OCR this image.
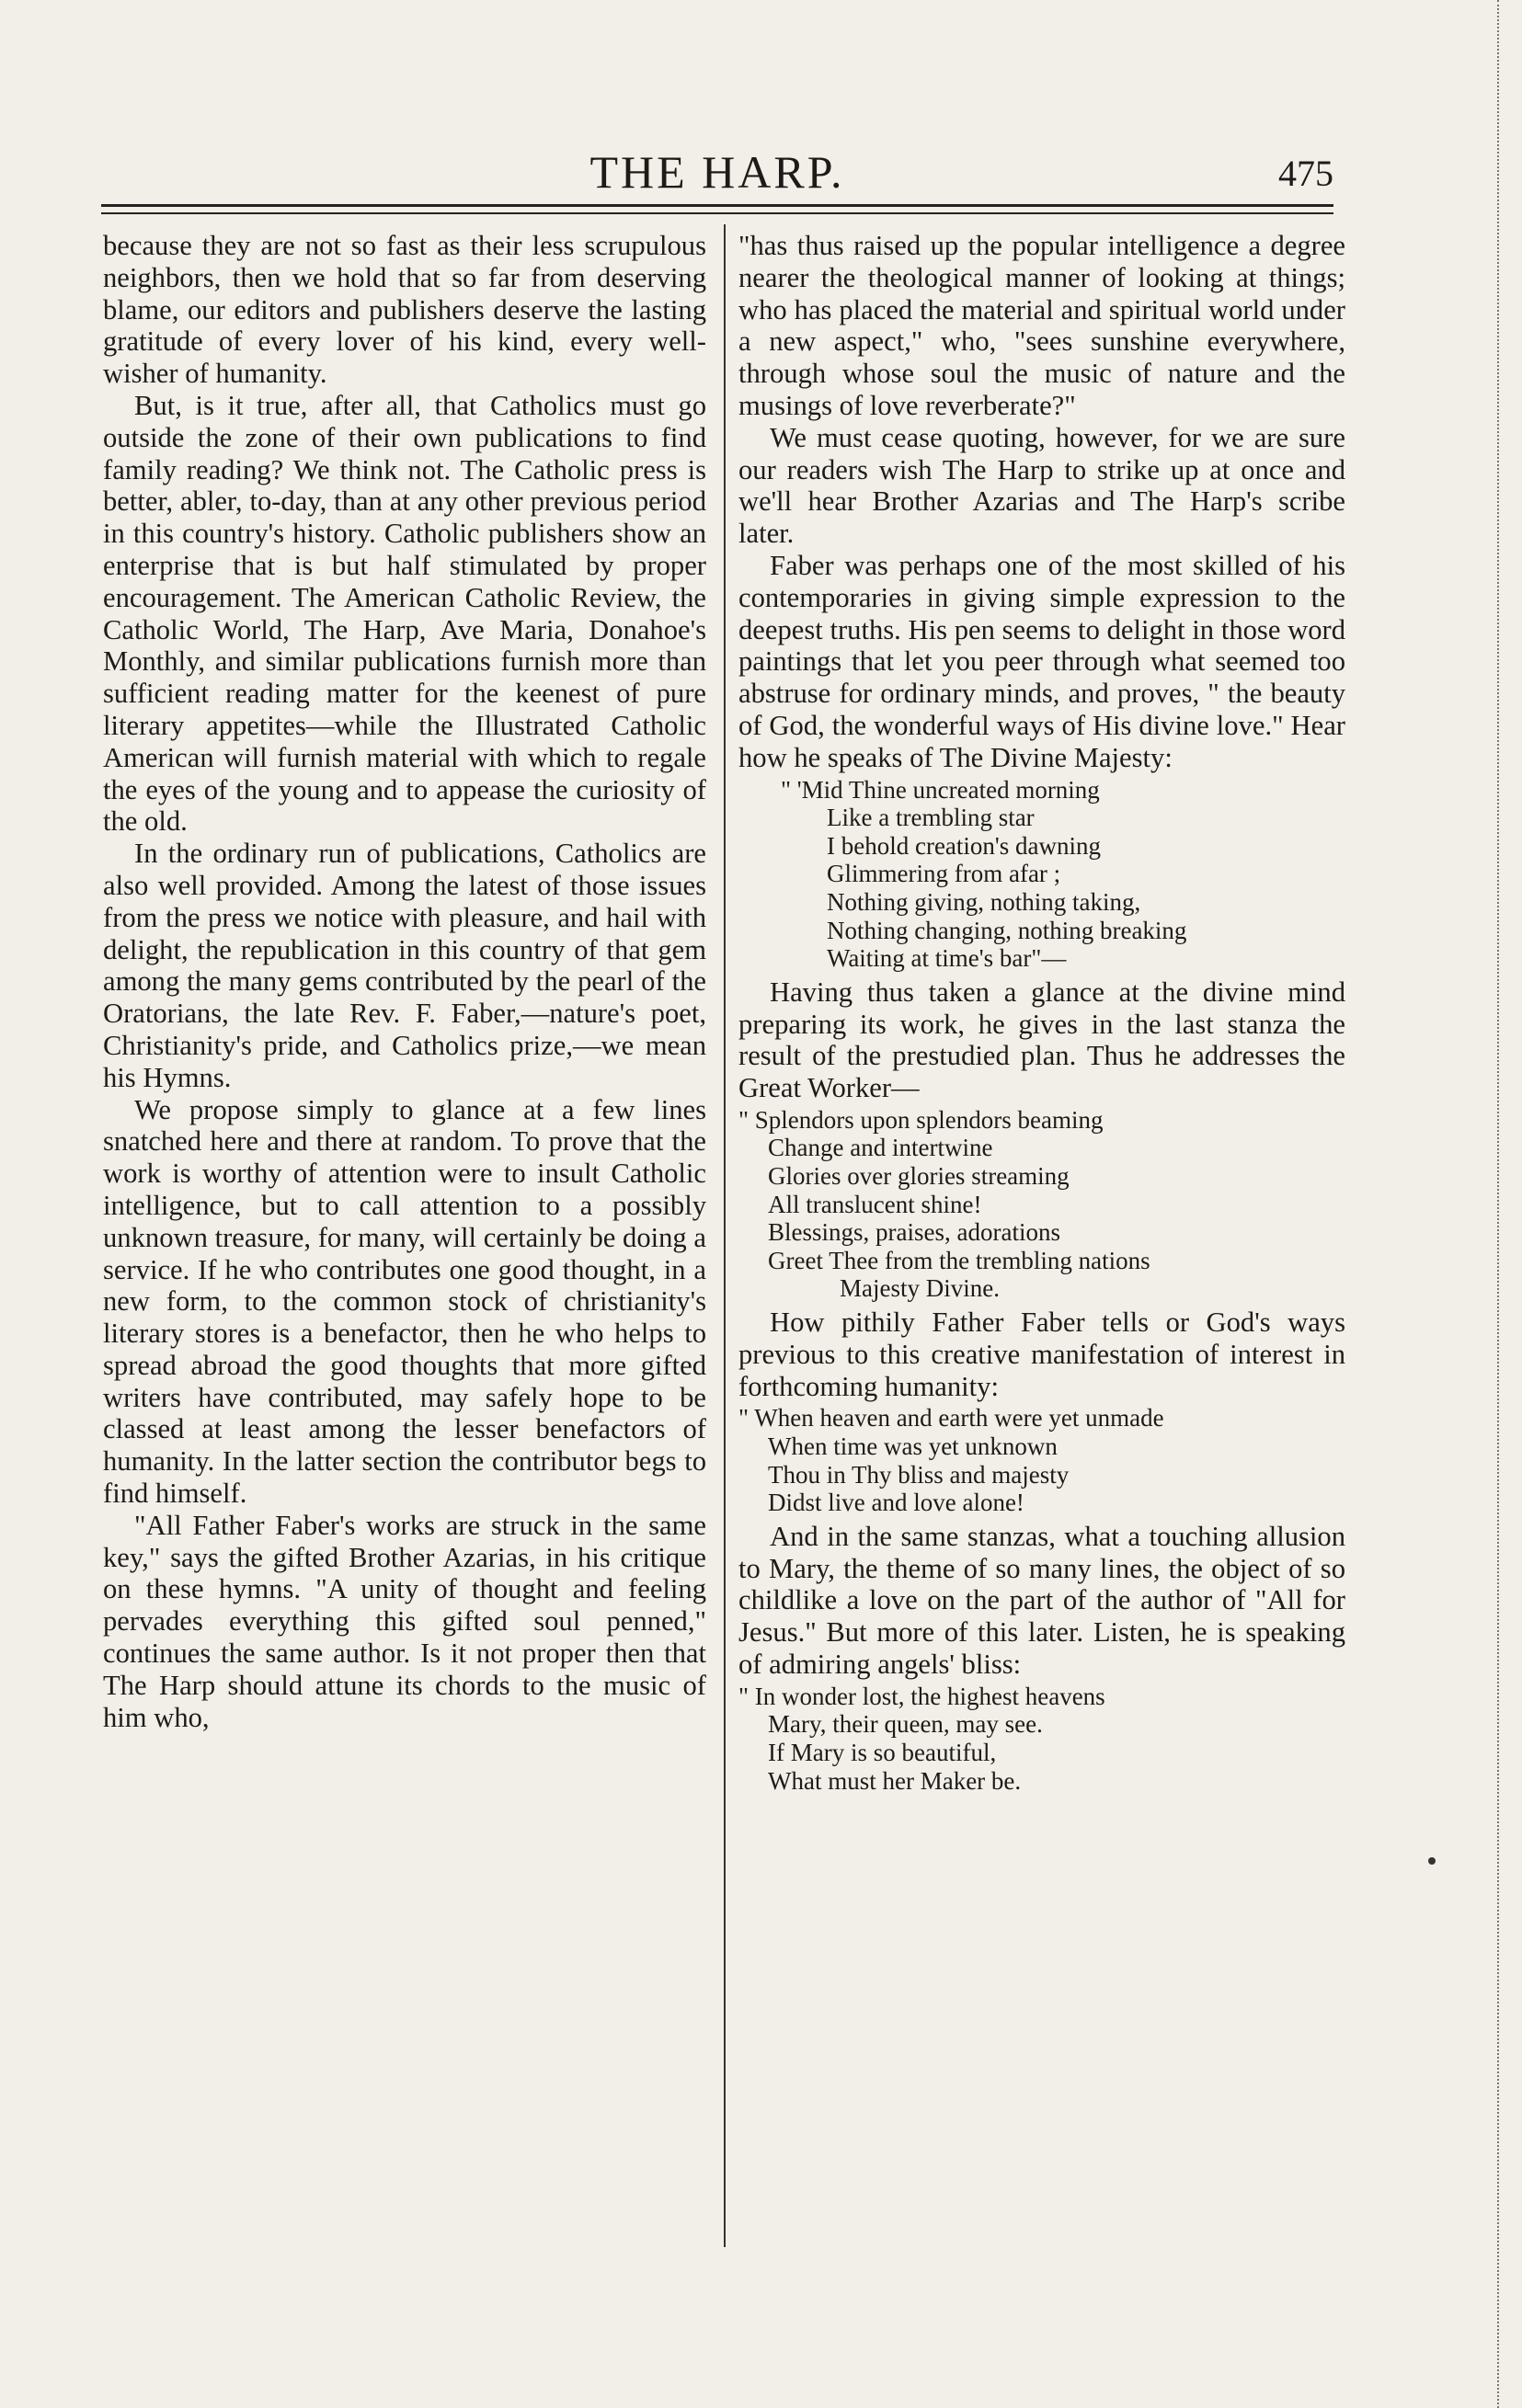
THE HARP.	475

because they are not so fast as their less scrupulous neighbors, then we hold that so far from deserving blame, our editors and publishers deserve the lasting gratitude of every lover of his kind, every well-wisher of humanity.

But, is it true, after all, that Catholics must go outside the zone of their own publications to find family reading? We think not. The Catholic press is better, abler, to-day, than at any other previous period in this country's history. Catholic publishers show an enterprise that is but half stimulated by proper encouragement. The American Catholic Review, the Catholic World, The Harp, Ave Maria, Donahoe's Monthly, and similar publications furnish more than sufficient reading matter for the keenest of pure literary appetites—while the Illustrated Catholic American will furnish material with which to regale the eyes of the young and to appease the curiosity of the old.

In the ordinary run of publications, Catholics are also well provided. Among the latest of those issues from the press we notice with pleasure, and hail with delight, the republication in this country of that gem among the many gems contributed by the pearl of the Oratorians, the late Rev. F. Faber,—nature's poet, Christianity's pride, and Catholics prize,—we mean his Hymns.

We propose simply to glance at a few lines snatched here and there at random. To prove that the work is worthy of attention were to insult Catholic intelligence, but to call attention to a possibly unknown treasure, for many, will certainly be doing a service. If he who contributes one good thought, in a new form, to the common stock of christianity's literary stores is a benefactor, then he who helps to spread abroad the good thoughts that more gifted writers have contributed, may safely hope to be classed at least among the lesser benefactors of humanity. In the latter section the contributor begs to find himself.

"All Father Faber's works are struck in the same key," says the gifted Brother Azarias, in his critique on these hymns. "A unity of thought and feeling pervades everything this gifted soul penned," continues the same author. Is it not proper then that The Harp should attune its chords to the music of him who,

"has thus raised up the popular intelligence a degree nearer the theological manner of looking at things; who has placed the material and spiritual world under a new aspect," who, "sees sunshine everywhere, through whose soul the music of nature and the musings of love reverberate?"

We must cease quoting, however, for we are sure our readers wish The Harp to strike up at once and we'll hear Brother Azarias and The Harp's scribe later.

Faber was perhaps one of the most skilled of his contemporaries in giving simple expression to the deepest truths. His pen seems to delight in those word paintings that let you peer through what seemed too abstruse for ordinary minds, and proves, " the beauty of God, the wonderful ways of His divine love." Hear how he speaks of The Divine Majesty:

" 'Mid Thine uncreated morning
Like a trembling star
I behold creation's dawning
Glimmering from afar ;
Nothing giving, nothing taking,
Nothing changing, nothing breaking
Waiting at time's bar"—

Having thus taken a glance at the divine mind preparing its work, he gives in the last stanza the result of the prestudied plan. Thus he addresses the Great Worker—

" Splendors upon splendors beaming
Change and intertwine
Glories over glories streaming
All translucent shine!
Blessings, praises, adorations
Greet Thee from the trembling nations
Majesty Divine.

How pithily Father Faber tells or God's ways previous to this creative manifestation of interest in forthcoming humanity:

" When heaven and earth were yet unmade
When time was yet unknown
Thou in Thy bliss and majesty
Didst live and love alone!

And in the same stanzas, what a touching allusion to Mary, the theme of so many lines, the object of so childlike a love on the part of the author of "All for Jesus." But more of this later. Listen, he is speaking of admiring angels' bliss:

" In wonder lost, the highest heavens
Mary, their queen, may see.
If Mary is so beautiful,
What must her Maker be.
